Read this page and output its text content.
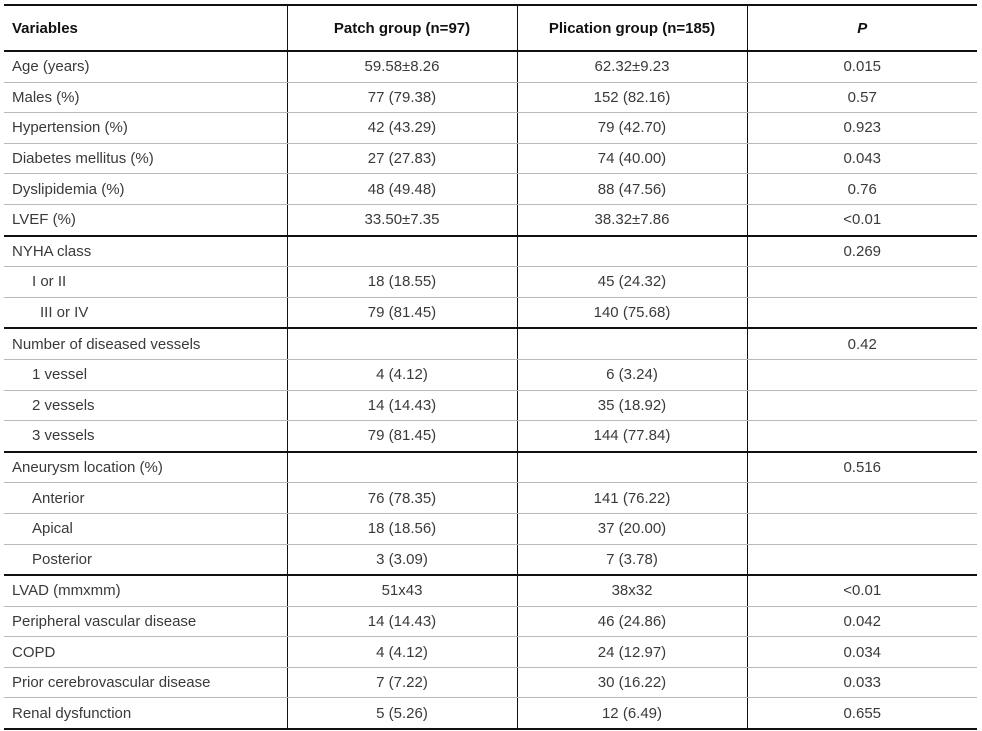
Variables	Patch group (n=97)	Plication group (n=185)	P
Age (years)	59.58±8.26	62.32±9.23	0.015
Males (%)	77 (79.38)	152 (82.16)	0.57
Hypertension (%)	42 (43.29)	79 (42.70)	0.923
Diabetes mellitus (%)	27 (27.83)	74 (40.00)	0.043
Dyslipidemia (%)	48 (49.48)	88 (47.56)	0.76
LVEF (%)	33.50±7.35	38.32±7.86	<0.01
NYHA class			0.269
I or II	18 (18.55)	45 (24.32)	
III or IV	79 (81.45)	140 (75.68)	
Number of diseased vessels			0.42
1 vessel	4 (4.12)	6 (3.24)	
2 vessels	14 (14.43)	35 (18.92)	
3 vessels	79 (81.45)	144 (77.84)	
Aneurysm location (%)			0.516
Anterior	76 (78.35)	141 (76.22)	
Apical	18 (18.56)	37 (20.00)	
Posterior	3 (3.09)	7 (3.78)	
LVAD (mmxmm)	51x43	38x32	<0.01
Peripheral vascular disease	14 (14.43)	46 (24.86)	0.042
COPD	4 (4.12)	24 (12.97)	0.034
Prior cerebrovascular disease	7 (7.22)	30 (16.22)	0.033
Renal dysfunction	5 (5.26)	12 (6.49)	0.655
